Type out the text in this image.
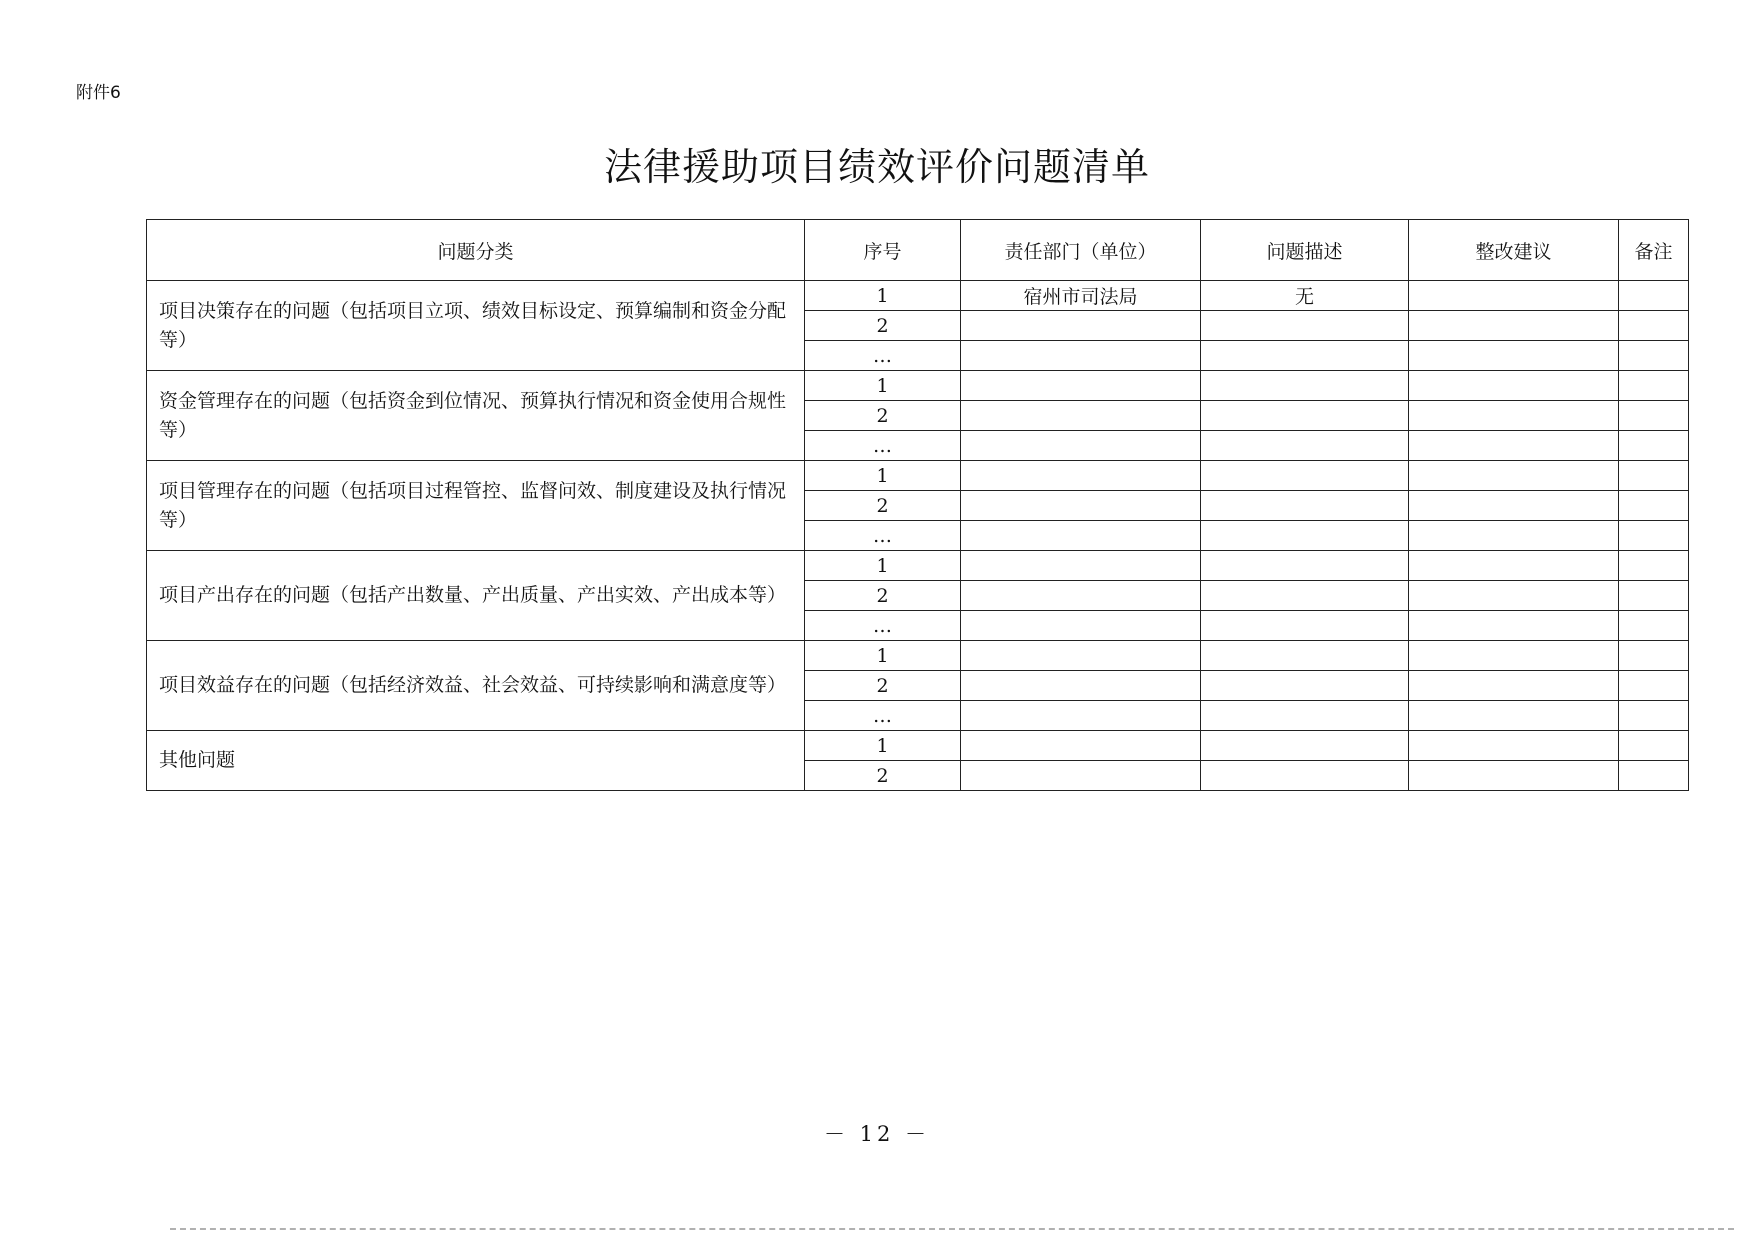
附件6
法律援助项目绩效评价问题清单
问题分类	序号	责任部门（单位）	问题描述	整改建议	备注
项目决策存在的问题（包括项目立项、绩效目标设定、预算编制和资金分配等）	1	宿州市司法局	无		
	2				
	…				
资金管理存在的问题（包括资金到位情况、预算执行情况和资金使用合规性等）	1				
	2				
	…				
项目管理存在的问题（包括项目过程管控、监督问效、制度建设及执行情况等）	1				
	2				
	…				
项目产出存在的问题（包括产出数量、产出质量、产出实效、产出成本等）	1				
	2				
	…				
项目效益存在的问题（包括经济效益、社会效益、可持续影响和满意度等）	1				
	2				
	…				
其他问题	1				
	2				
－ 12 －
